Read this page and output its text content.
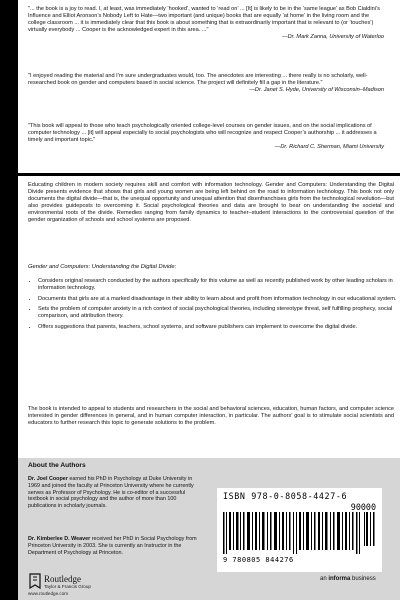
"... the book is a joy to read. I, at least, was immediately ‘hooked’, wanted to ‘read on’ ... [It] is likely to be in the ‘same league’ as Bob Cialdini’s Influence and Elliot Aronson’s Nobody Left to Hate—two important (and unique) books that are equally ‘at home’ in the living room and the college classroom ... it is immediately clear that this book is about something that is extraordinarily important that is relevant to (or ‘touches’) virtually everybody ... Cooper is the acknowledged expert in this area. ..."
—Dr. Mark Zanna, University of Waterloo
"I enjoyed reading the material and I’m sure undergraduates would, too. The anecdotes are interesting ... there really is no scholarly, well-researched book on gender and computers based in social science. The project will definitely fill a gap in the literature."
—Dr. Janet S. Hyde, University of Wisconsin–Madison
"This book will appeal to those who teach psychologically oriented college-level courses on gender issues, and on the social implications of computer technology ... [it] will appeal especially to social psychologists who will recognize and respect Cooper’s authorship ... it addresses a timely and important topic."
—Dr. Richard C. Sherman, Miami University
Educating children in modern society requires skill and comfort with information technology. Gender and Computers: Understanding the Digital Divide presents evidence that shows that girls and young women are being left behind on the road to information technology. This book not only documents the digital divide—that is, the unequal opportunity and unequal attention that disenfranchises girls from the technological revolution—but also provides guideposts to overcoming it. Social psychological theories and data are brought to bear on understanding the societal and environmental roots of the divide. Remedies ranging from family dynamics to teacher–student interactions to the controversial question of the gender organization of schools and school systems are proposed.
Gender and Computers: Understanding the Digital Divide:
• Considers original research conducted by the authors specifically for this volume as well as recently published work by other leading scholars in information technology.
• Documents that girls are at a marked disadvantage in their ability to learn about and profit from information technology in our educational system.
• Sets the problem of computer anxiety in a rich context of social psychological theories, including stereotype threat, self fulfilling prophecy, social comparison, and attribution theory.
• Offers suggestions that parents, teachers, school systems, and software publishers can implement to overcome the digital divide.
The book is intended to appeal to students and researchers in the social and behavioral sciences, education, human factors, and computer science interested in gender differences in general, and in human computer interaction, in particular. The authors’ goal is to stimulate social scientists and educators to further research this topic to generate solutions to the problem.
About the Authors
Dr. Joel Cooper earned his PhD in Psychology at Duke University in 1969 and joined the faculty at Princeton University where he currently serves as Professor of Psychology. He is co-editor of a successful textbook in social psychology and the author of more than 100 publications in scholarly journals.
Dr. Kimberlee D. Weaver received her PhD in Social Psychology from Princeton University in 2003. She is currently an Instructor in the Department of Psychology at Princeton.
ISBN 978-0-8058-4427-6
90000
9 780805 844276
Routledge
Taylor & Francis Group
www.routledge.com
an informa business
